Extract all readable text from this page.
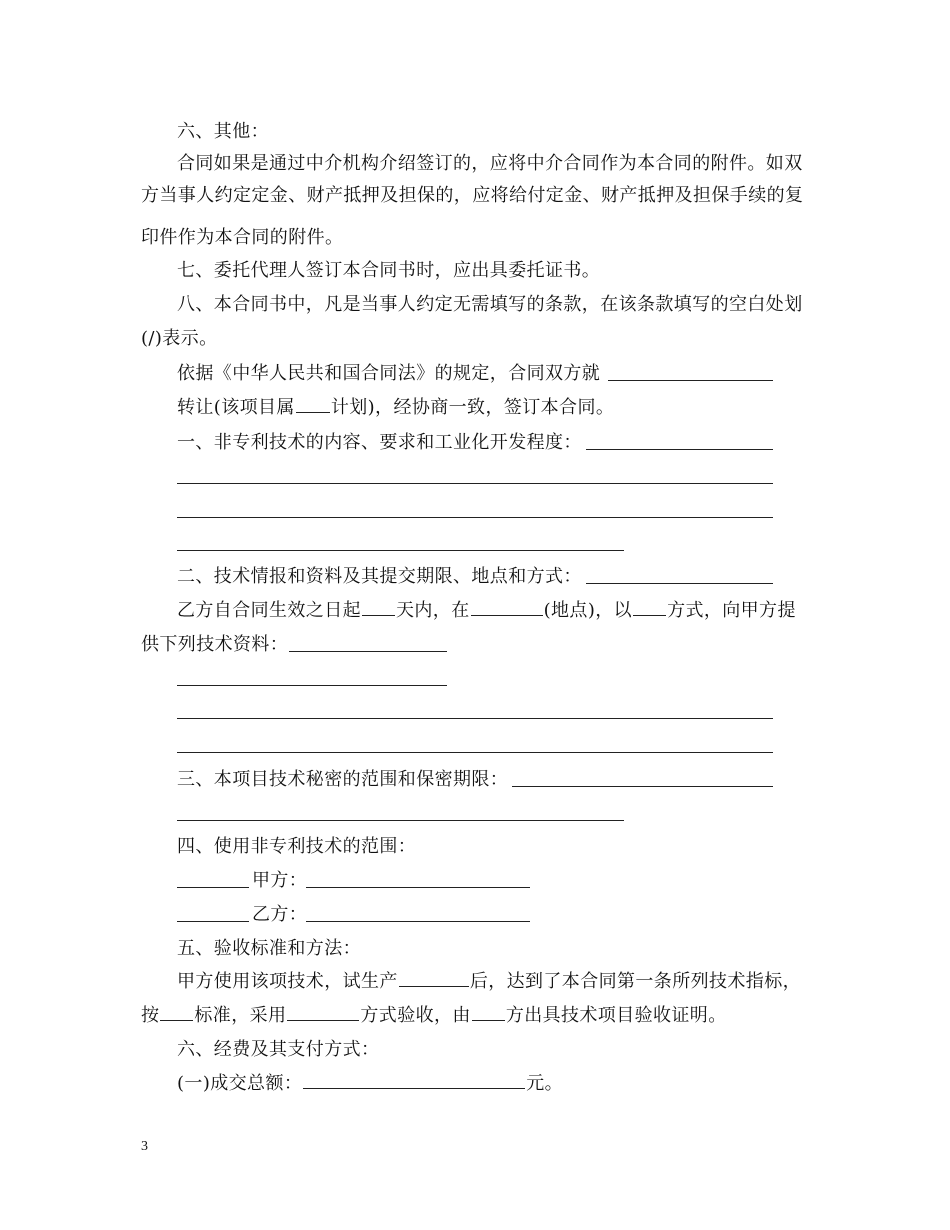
六、其他：
合同如果是通过中介机构介绍签订的，应将中介合同作为本合同的附件。如双
方当事人约定定金、财产抵押及担保的，应将给付定金、财产抵押及担保手续的复
印件作为本合同的附件。
七、委托代理人签订本合同书时，应出具委托证书。
八、本合同书中，凡是当事人约定无需填写的条款，在该条款填写的空白处划
(/)表示。
依据《中华人民共和国合同法》的规定，合同双方就
转让(该项目属 计划)，经协商一致，签订本合同。
一、非专利技术的内容、要求和工业化开发程度：
二、技术情报和资料及其提交期限、地点和方式：
乙方自合同生效之日起 天内，在	(地点)，以 方式，向甲方提
供下列技术资料：
三、本项目技术秘密的范围和保密期限：
四、使用非专利技术的范围：
甲方：
乙方：
五、验收标准和方法：
甲方使用该项技术，试生产	后，达到了本合同第一条所列技术指标，
按 标准，采用	方式验收，由 方出具技术项目验收证明。
六、经费及其支付方式：
(一)成交总额：	元。
3
